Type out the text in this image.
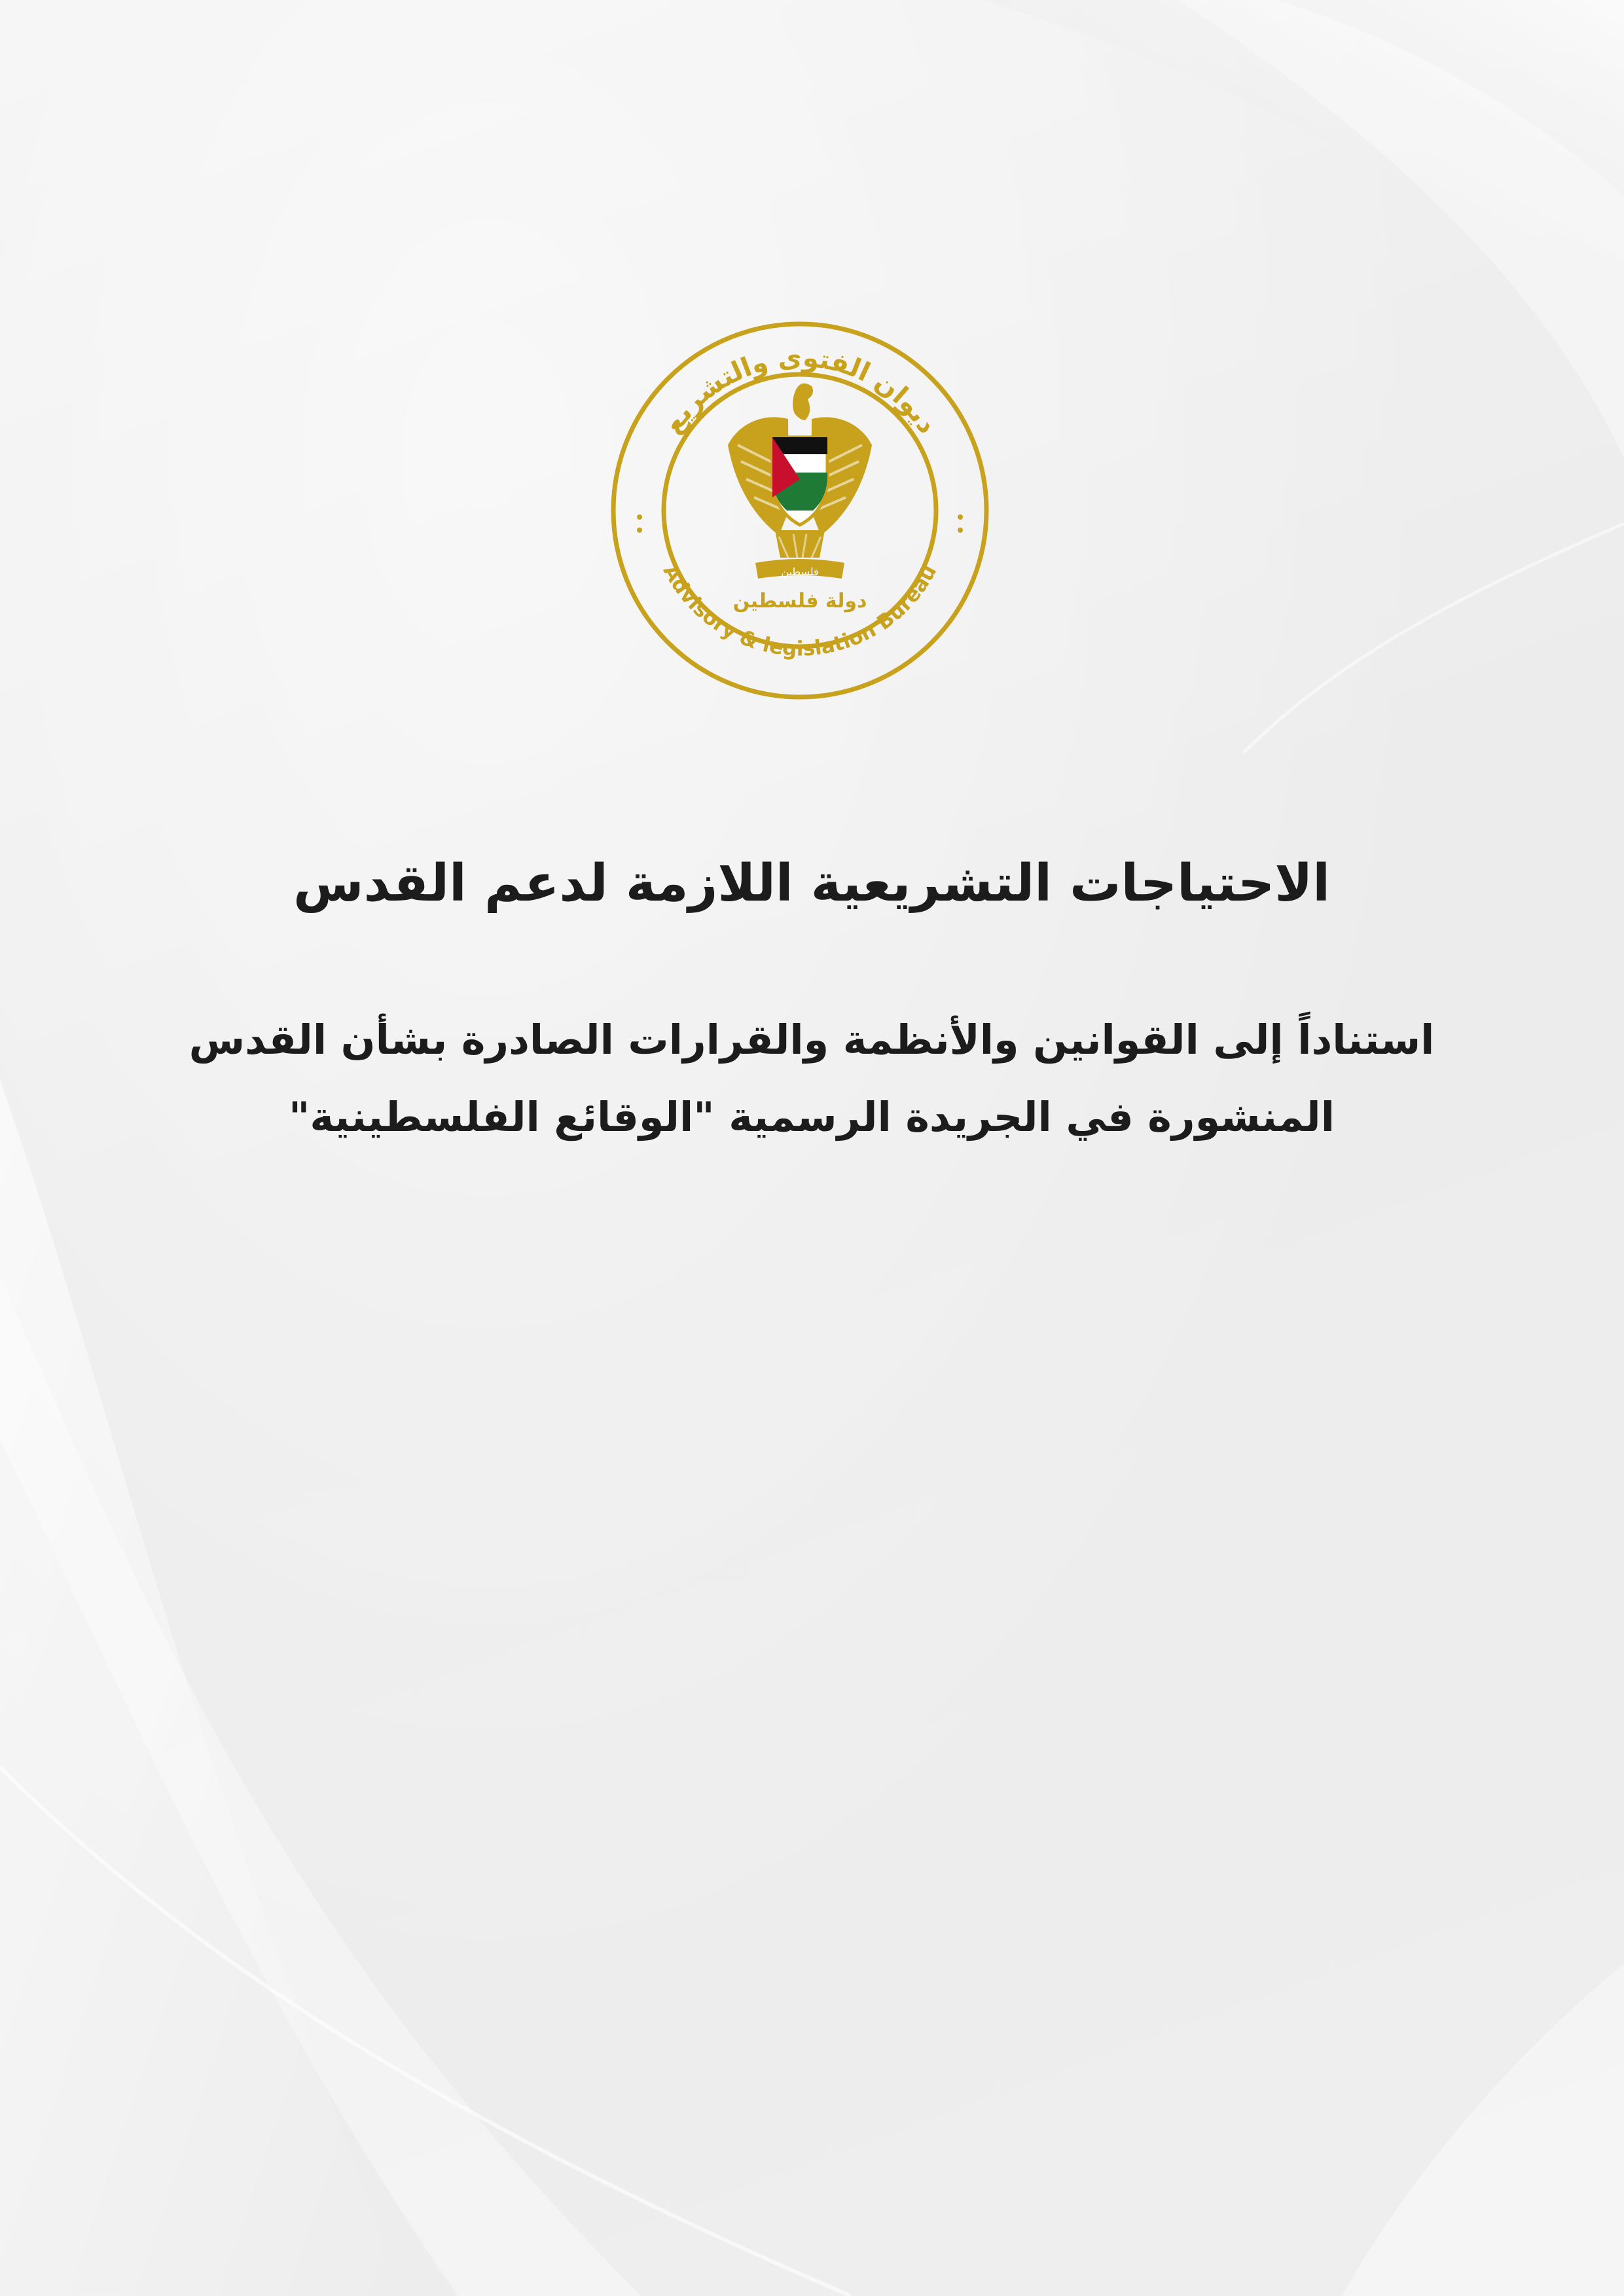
ديوان الفتوى والتشريع
Advisory & legislation Bureau
فلسطين
دولة فلسطين
الاحتياجات التشريعية اللازمة لدعم القدس

استناداً إلى القوانين والأنظمة والقرارات الصادرة بشأن القدس
المنشورة في الجريدة الرسمية "الوقائع الفلسطينية"
